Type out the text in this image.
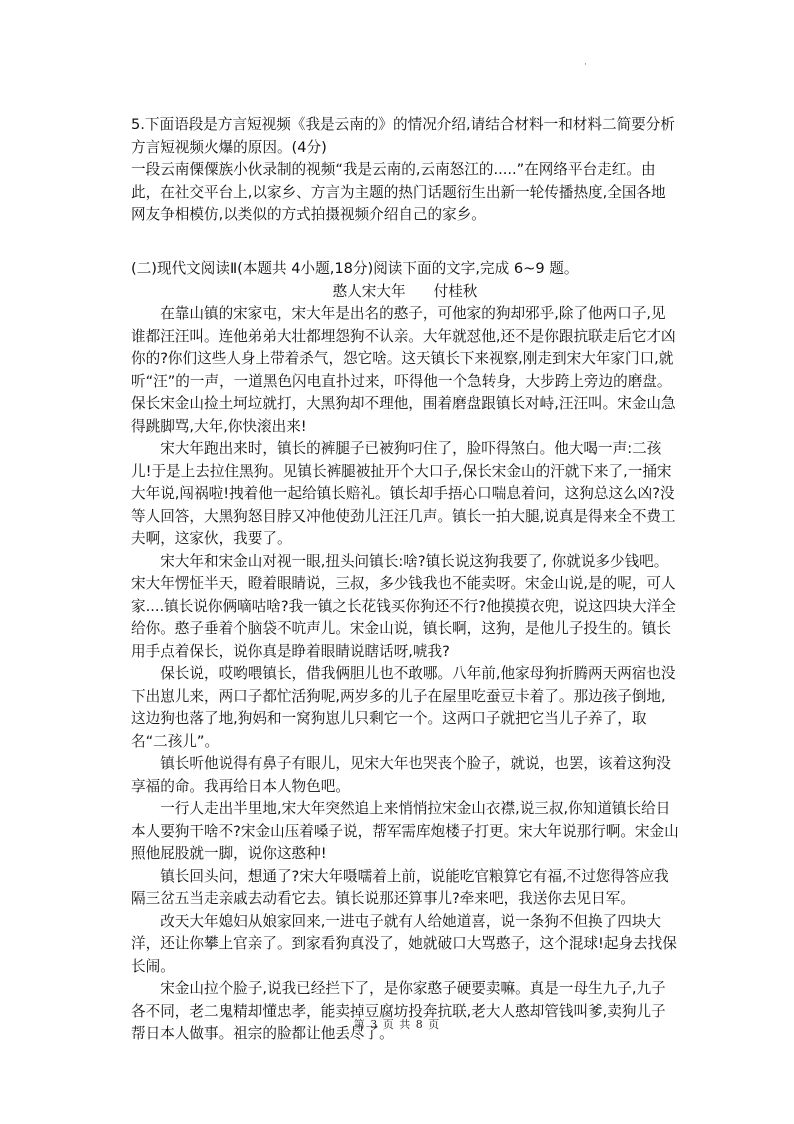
·

5.下面语段是方言短视频《我是云南的》的情况介绍,请结合材料一和材料二简要分析方言短视频火爆的原因。(4分)

一段云南傈僳族小伙录制的视频“我是云南的,云南怒江的.....”在网络平台走红。由此，在社交平台上,以家乡、方言为主题的热门话题衍生出新一轮传播热度,全国各地网友争相模仿,以类似的方式拍摄视频介绍自己的家乡。

(二)现代文阅读Ⅱ(本题共 4小题,18分)阅读下面的文字,完成 6~9 题。

憨人宋大年 付桂秋

在靠山镇的宋家屯，宋大年是出名的憨子，可他家的狗却邪乎,除了他两口子,见谁都汪汪叫。连他弟弟大壮都埋怨狗不认亲。大年就怼他,还不是你跟抗联走后它才凶你的?你们这些人身上带着杀气，怨它啥。这天镇长下来视察,刚走到宋大年家门口,就听“汪”的一声，一道黑色闪电直扑过来，吓得他一个急转身，大步跨上旁边的磨盘。保长宋金山捡土坷垃就打，大黑狗却不理他，围着磨盘跟镇长对峙,汪汪叫。宋金山急得跳脚骂,大年,你快滚出来!

宋大年跑出来时，镇长的裤腿子已被狗叼住了，脸吓得煞白。他大喝一声:二孩儿!于是上去拉住黑狗。见镇长裤腿被扯开个大口子,保长宋金山的汗就下来了,一捅宋大年说,闯祸啦!拽着他一起给镇长赔礼。镇长却手捂心口喘息着问，这狗总这么凶?没等人回答，大黑狗怒目脖又冲他使劲儿汪汪几声。镇长一拍大腿,说真是得来全不费工夫啊，这家伙，我要了。

宋大年和宋金山对视一眼,扭头问镇长:啥?镇长说这狗我要了, 你就说多少钱吧。宋大年愣怔半天，瞪着眼睛说，三叔，多少钱我也不能卖呀。宋金山说,是的呢，可人家....镇长说你俩嘀咕啥?我一镇之长花钱买你狗还不行?他摸摸衣兜，说这四块大洋全给你。憨子垂着个脑袋不吭声儿。宋金山说，镇长啊，这狗，是他儿子投生的。镇长用手点着保长，说你真是睁着眼睛说瞎话呀,唬我?

保长说，哎哟喂镇长，借我俩胆儿也不敢哪。八年前,他家母狗折腾两天两宿也没下出崽儿来，两口子都忙活狗呢,两岁多的儿子在屋里吃蚕豆卡着了。那边孩子倒地,这边狗也落了地,狗妈和一窝狗崽儿只剩它一个。这两口子就把它当儿子养了，取名“二孩儿”。

镇长听他说得有鼻子有眼儿，见宋大年也哭丧个脸子，就说，也罢，该着这狗没享福的命。我再给日本人物色吧。

一行人走出半里地,宋大年突然追上来悄悄拉宋金山衣襟,说三叔,你知道镇长给日本人要狗干啥不?宋金山压着嗓子说，帮军需库炮楼子打更。宋大年说那行啊。宋金山照他屁股就一脚，说你这憨种!

镇长回头问，想通了?宋大年嗫嚅着上前，说能吃官粮算它有福,不过您得答应我隔三岔五当走亲戚去动看它去。镇长说那还算事儿?牵来吧，我送你去见日军。

改天大年媳妇从娘家回来,一进屯子就有人给她道喜，说一条狗不但换了四块大洋，还让你攀上官亲了。到家看狗真没了，她就破口大骂憨子，这个混球!起身去找保长闹。

宋金山拉个脸子,说我已经拦下了，是你家憨子硬要卖嘛。真是一母生九子,九子各不同，老二鬼精却懂忠孝，能卖掉豆腐坊投奔抗联,老大人憨却管钱叫爹,卖狗儿子帮日本人做事。祖宗的脸都让他丢尽了。

第 3 页 共 8 页
